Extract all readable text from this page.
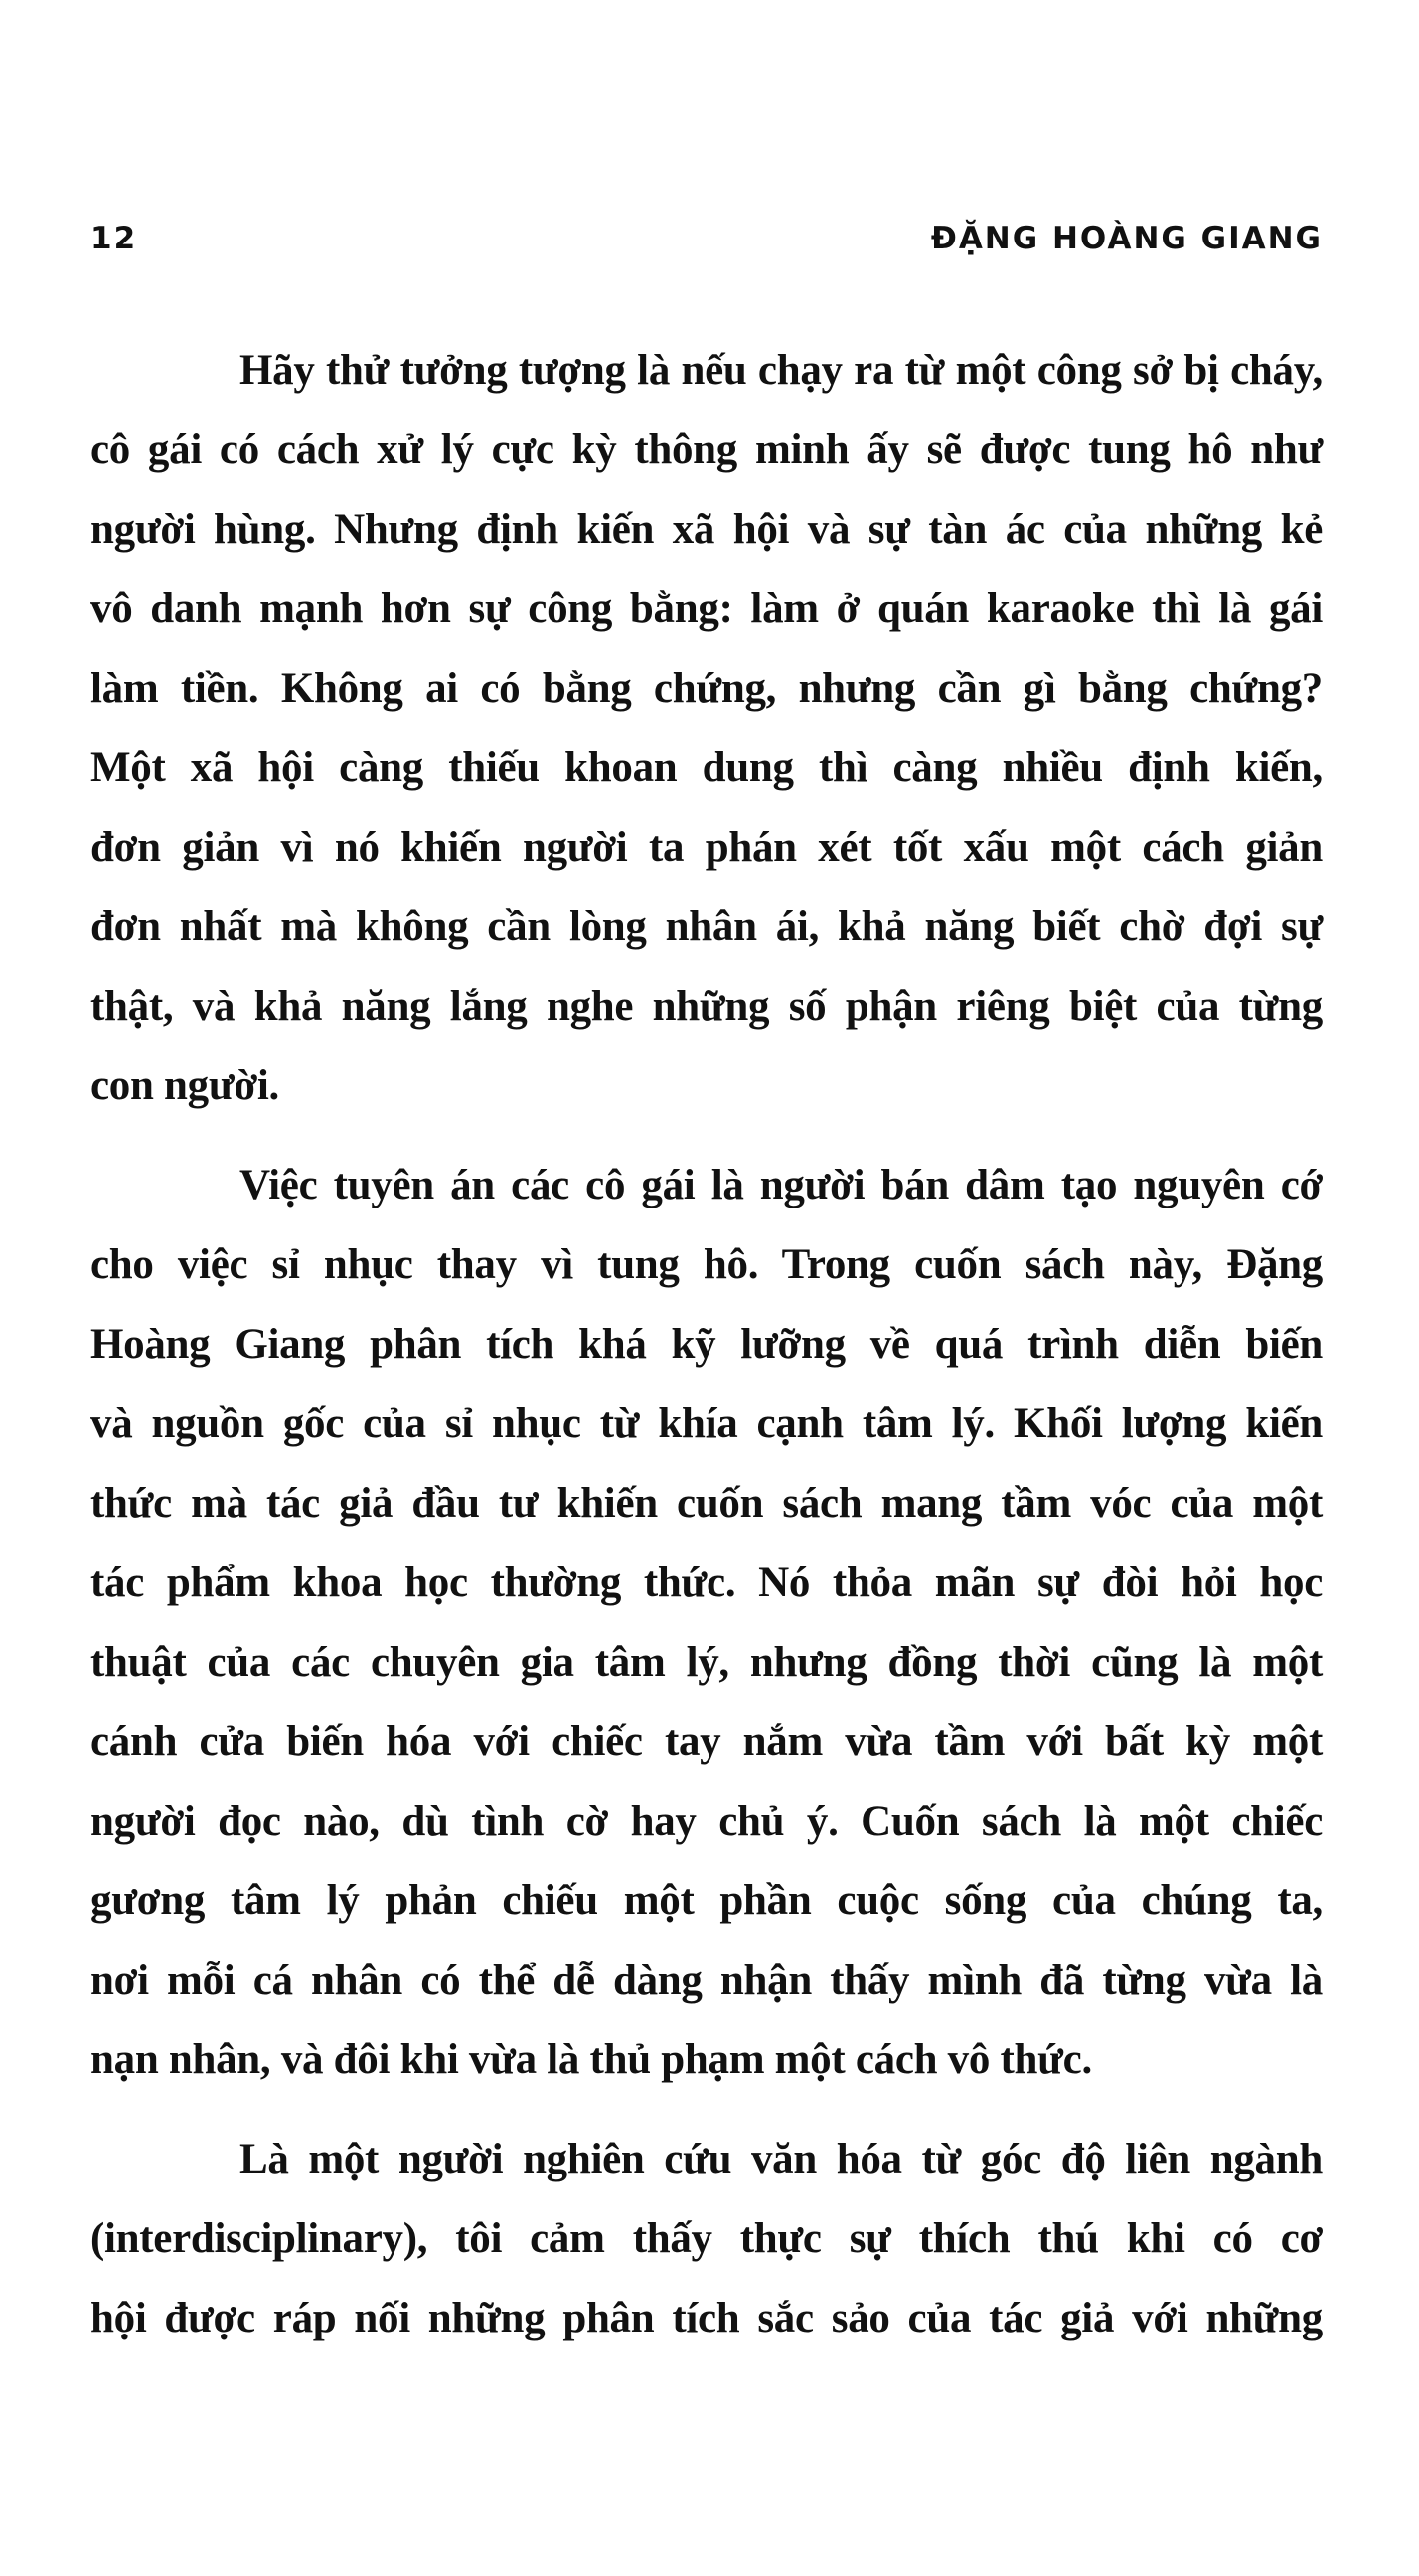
12	ĐẶNG HOÀNG GIANG
Hãy thử tưởng tượng là nếu chạy ra từ một công sở bị cháy,
cô gái có cách xử lý cực kỳ thông minh ấy sẽ được tung hô như
người hùng. Nhưng định kiến xã hội và sự tàn ác của những kẻ
vô danh mạnh hơn sự công bằng: làm ở quán karaoke thì là gái
làm tiền. Không ai có bằng chứng, nhưng cần gì bằng chứng?
Một xã hội càng thiếu khoan dung thì càng nhiều định kiến,
đơn giản vì nó khiến người ta phán xét tốt xấu một cách giản
đơn nhất mà không cần lòng nhân ái, khả năng biết chờ đợi sự
thật, và khả năng lắng nghe những số phận riêng biệt của từng
con người.
Việc tuyên án các cô gái là người bán dâm tạo nguyên cớ
cho việc sỉ nhục thay vì tung hô. Trong cuốn sách này, Đặng
Hoàng Giang phân tích khá kỹ lưỡng về quá trình diễn biến
và nguồn gốc của sỉ nhục từ khía cạnh tâm lý. Khối lượng kiến
thức mà tác giả đầu tư khiến cuốn sách mang tầm vóc của một
tác phẩm khoa học thường thức. Nó thỏa mãn sự đòi hỏi học
thuật của các chuyên gia tâm lý, nhưng đồng thời cũng là một
cánh cửa biến hóa với chiếc tay nắm vừa tầm với bất kỳ một
người đọc nào, dù tình cờ hay chủ ý. Cuốn sách là một chiếc
gương tâm lý phản chiếu một phần cuộc sống của chúng ta,
nơi mỗi cá nhân có thể dễ dàng nhận thấy mình đã từng vừa là
nạn nhân, và đôi khi vừa là thủ phạm một cách vô thức.
Là một người nghiên cứu văn hóa từ góc độ liên ngành
(interdisciplinary), tôi cảm thấy thực sự thích thú khi có cơ
hội được ráp nối những phân tích sắc sảo của tác giả với những
